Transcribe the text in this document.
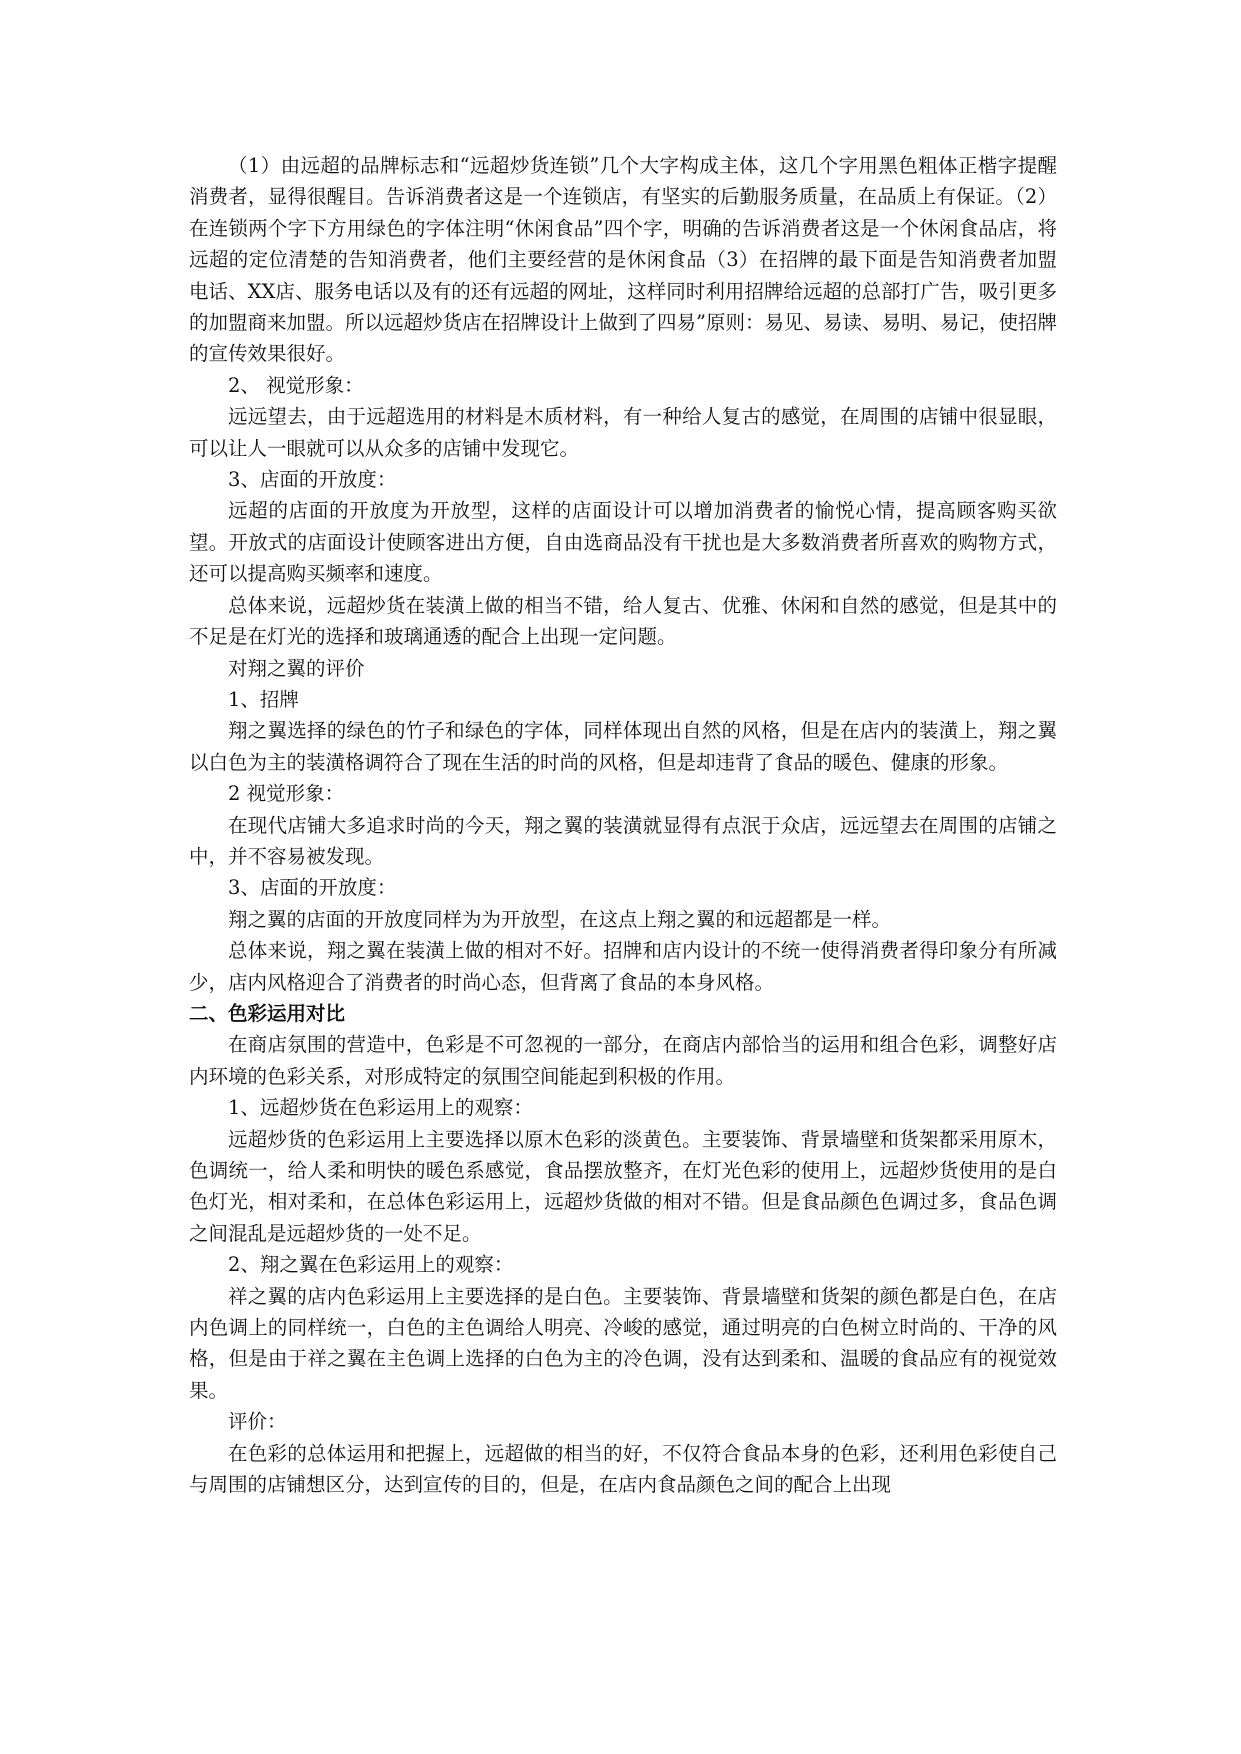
（1）由远超的品牌标志和“远超炒货连锁”几个大字构成主体，这几个字用黑色粗体正楷字提醒消费者，显得很醒目。告诉消费者这是一个连锁店，有坚实的后勤服务质量，在品质上有保证。（2）在连锁两个字下方用绿色的字体注明“休闲食品”四个字，明确的告诉消费者这是一个休闲食品店，将远超的定位清楚的告知消费者，他们主要经营的是休闲食品（3）在招牌的最下面是告知消费者加盟电话、XX店、服务电话以及有的还有远超的网址，这样同时利用招牌给远超的总部打广告，吸引更多的加盟商来加盟。所以远超炒货店在招牌设计上做到了四易”原则：易见、易读、易明、易记，使招牌的宣传效果很好。

2、 视觉形象：

远远望去，由于远超选用的材料是木质材料，有一种给人复古的感觉，在周围的店铺中很显眼，可以让人一眼就可以从众多的店铺中发现它。

3、店面的开放度：

远超的店面的开放度为开放型，这样的店面设计可以增加消费者的愉悦心情，提高顾客购买欲望。开放式的店面设计使顾客进出方便，自由选商品没有干扰也是大多数消费者所喜欢的购物方式，还可以提高购买频率和速度。

总体来说，远超炒货在装潢上做的相当不错，给人复古、优雅、休闲和自然的感觉，但是其中的不足是在灯光的选择和玻璃通透的配合上出现一定问题。

对翔之翼的评价

1、招牌

翔之翼选择的绿色的竹子和绿色的字体，同样体现出自然的风格，但是在店内的装潢上，翔之翼以白色为主的装潢格调符合了现在生活的时尚的风格，但是却违背了食品的暖色、健康的形象。

2 视觉形象：

在现代店铺大多追求时尚的今天，翔之翼的装潢就显得有点泯于众店，远远望去在周围的店铺之中，并不容易被发现。

3、店面的开放度：

翔之翼的店面的开放度同样为为开放型，在这点上翔之翼的和远超都是一样。

总体来说，翔之翼在装潢上做的相对不好。招牌和店内设计的不统一使得消费者得印象分有所减少，店内风格迎合了消费者的时尚心态，但背离了食品的本身风格。

二、色彩运用对比

在商店氛围的营造中，色彩是不可忽视的一部分，在商店内部恰当的运用和组合色彩，调整好店内环境的色彩关系，对形成特定的氛围空间能起到积极的作用。

1、远超炒货在色彩运用上的观察：

远超炒货的色彩运用上主要选择以原木色彩的淡黄色。主要装饰、背景墙壁和货架都采用原木，色调统一，给人柔和明快的暖色系感觉，食品摆放整齐，在灯光色彩的使用上，远超炒货使用的是白色灯光，相对柔和，在总体色彩运用上，远超炒货做的相对不错。但是食品颜色色调过多，食品色调之间混乱是远超炒货的一处不足。

2、翔之翼在色彩运用上的观察：

祥之翼的店内色彩运用上主要选择的是白色。主要装饰、背景墙壁和货架的颜色都是白色，在店内色调上的同样统一，白色的主色调给人明亮、冷峻的感觉，通过明亮的白色树立时尚的、干净的风格，但是由于祥之翼在主色调上选择的白色为主的冷色调，没有达到柔和、温暖的食品应有的视觉效果。

评价：

在色彩的总体运用和把握上，远超做的相当的好，不仅符合食品本身的色彩，还利用色彩使自己与周围的店铺想区分，达到宣传的目的，但是，在店内食品颜色之间的配合上出现
